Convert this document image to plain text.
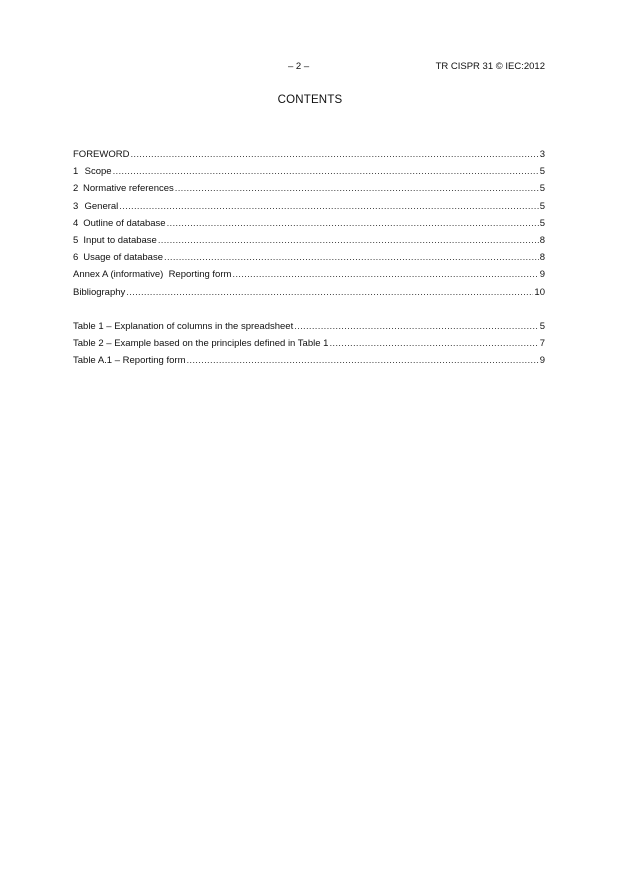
– 2 –	TR CISPR 31 © IEC:2012
CONTENTS
FOREWORD .....	3
1 Scope .....	5
2 Normative references .....	5
3 General .....	5
4 Outline of database .....	5
5 Input to database .....	8
6 Usage of database .....	8
Annex A (informative)  Reporting form .....	9
Bibliography .....	10
Table 1 – Explanation of columns in the spreadsheet .....	5
Table 2 – Example based on the principles defined in Table 1 .....	7
Table A.1 – Reporting form .....	9
